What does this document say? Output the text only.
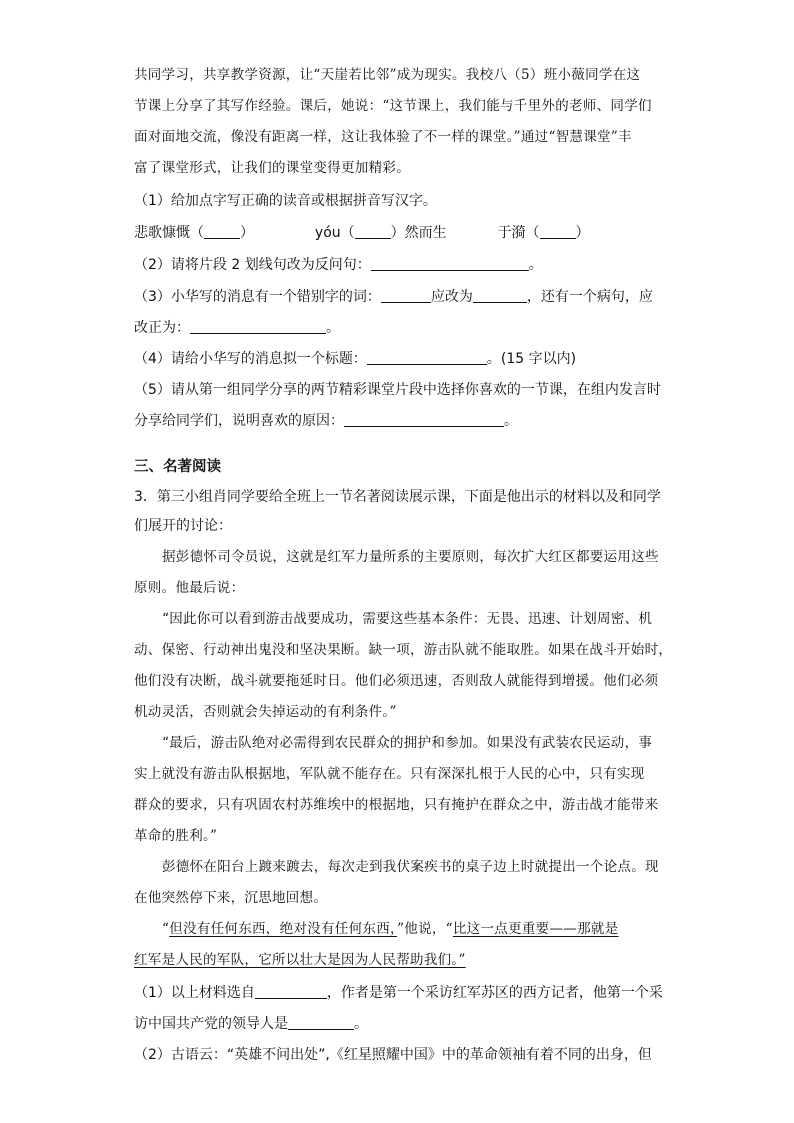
共同学习，共享教学资源，让“天崖若比邻”成为现实。我校八（5）班小薇同学在这
节课上分享了其写作经验。课后，她说：“这节课上，我们能与千里外的老师、同学们
面对面地交流，像没有距离一样，这让我体验了不一样的课堂。”通过“智慧课堂”丰
富了课堂形式，让我们的课堂变得更加精彩。
（1）给加点字写正确的读音或根据拼音写汉字。
悲歌慷慨（	）	yóu（	）然而生	于漪（	）
（2）请将片段 2 划线句改为反问句：	。
（3）小华写的消息有一个错别字的词：	应改为	，还有一个病句，应
改正为：	。
（4）请给小华写的消息拟一个标题：	。(15 字以内)
（5）请从第一组同学分享的两节精彩课堂片段中选择你喜欢的一节课，在组内发言时
分享给同学们，说明喜欢的原因：	。
三、名著阅读
3．第三小组肖同学要给全班上一节名著阅读展示课，下面是他出示的材料以及和同学
们展开的讨论：
据彭德怀司令员说，这就是红军力量所系的主要原则，每次扩大红区都要运用这些
原则。他最后说：
“因此你可以看到游击战要成功，需要这些基本条件：无畏、迅速、计划周密、机
动、保密、行动神出鬼没和坚决果断。缺一项，游击队就不能取胜。如果在战斗开始时，
他们没有决断，战斗就要拖延时日。他们必须迅速，否则敌人就能得到增援。他们必须
机动灵活，否则就会失掉运动的有利条件。”
“最后，游击队绝对必需得到农民群众的拥护和参加。如果没有武装农民运动，事
实上就没有游击队根据地，军队就不能存在。只有深深扎根于人民的心中，只有实现
群众的要求，只有巩固农村苏维埃中的根据地，只有掩护在群众之中，游击战才能带来
革命的胜利。”
彭德怀在阳台上踱来踱去，每次走到我伏案疾书的桌子边上时就提出一个论点。现
在他突然停下来，沉思地回想。
“但没有任何东西，绝对没有任何东西，”他说，“比这一点更重要——那就是
红军是人民的军队，它所以壮大是因为人民帮助我们。”
（1）以上材料选自	，作者是第一个采访红军苏区的西方记者，他第一个采
访中国共产党的领导人是	。
（2）古语云：“英雄不问出处”,《红星照耀中国》中的革命领袖有着不同的出身，但
